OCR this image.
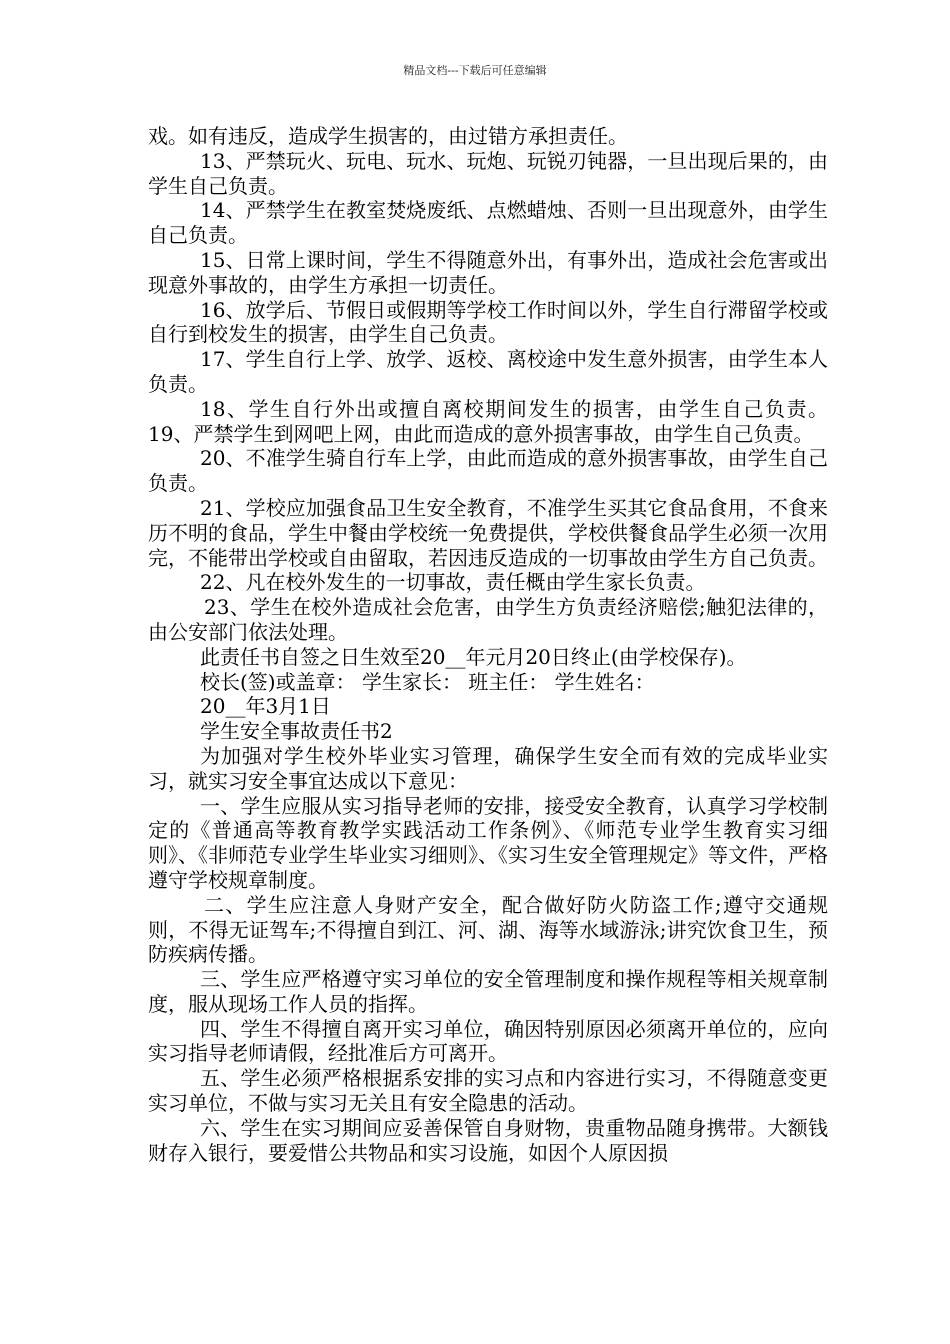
精品文档---下载后可任意编辑

戏。如有违反，造成学生损害的，由过错方承担责任。

13、严禁玩火、玩电、玩水、玩炮、玩锐刃钝器，一旦出现后果的，由学生自己负责。

14、严禁学生在教室焚烧废纸、点燃蜡烛、否则一旦出现意外，由学生自己负责。

15、日常上课时间，学生不得随意外出，有事外出，造成社会危害或出现意外事故的，由学生方承担一切责任。

16、放学后、节假日或假期等学校工作时间以外，学生自行滞留学校或自行到校发生的损害，由学生自己负责。

17、学生自行上学、放学、返校、离校途中发生意外损害，由学生本人负责。

18、学生自行外出或擅自离校期间发生的损害，由学生自己负责。 19、严禁学生到网吧上网，由此而造成的意外损害事故，由学生自己负责。

20、不准学生骑自行车上学，由此而造成的意外损害事故，由学生自己负责。

21、学校应加强食品卫生安全教育，不准学生买其它食品食用，不食来历不明的食品，学生中餐由学校统一免费提供，学校供餐食品学生必须一次用完，不能带出学校或自由留取，若因违反造成的一切事故由学生方自己负责。

22、凡在校外发生的一切事故，责任概由学生家长负责。

23、学生在校外造成社会危害，由学生方负责经济赔偿;触犯法律的，由公安部门依法处理。

此责任书自签之日生效至20__年元月20日终止(由学校保存)。

校长(签)或盖章： 学生家长： 班主任： 学生姓名：

20__年3月1日

学生安全事故责任书2

为加强对学生校外毕业实习管理，确保学生安全而有效的完成毕业实习，就实习安全事宜达成以下意见：

一、学生应服从实习指导老师的安排，接受安全教育，认真学习学校制定的《普通高等教育教学实践活动工作条例》、《师范专业学生教育实习细则》、《非师范专业学生毕业实习细则》、《实习生安全管理规定》等文件，严格遵守学校规章制度。

二、学生应注意人身财产安全，配合做好防火防盗工作;遵守交通规则，不得无证驾车;不得擅自到江、河、湖、海等水域游泳;讲究饮食卫生，预防疾病传播。

三、学生应严格遵守实习单位的安全管理制度和操作规程等相关规章制度，服从现场工作人员的指挥。

四、学生不得擅自离开实习单位，确因特别原因必须离开单位的，应向实习指导老师请假，经批准后方可离开。

五、学生必须严格根据系安排的实习点和内容进行实习，不得随意变更实习单位，不做与实习无关且有安全隐患的活动。

六、学生在实习期间应妥善保管自身财物，贵重物品随身携带。大额钱财存入银行，要爱惜公共物品和实习设施，如因个人原因损
